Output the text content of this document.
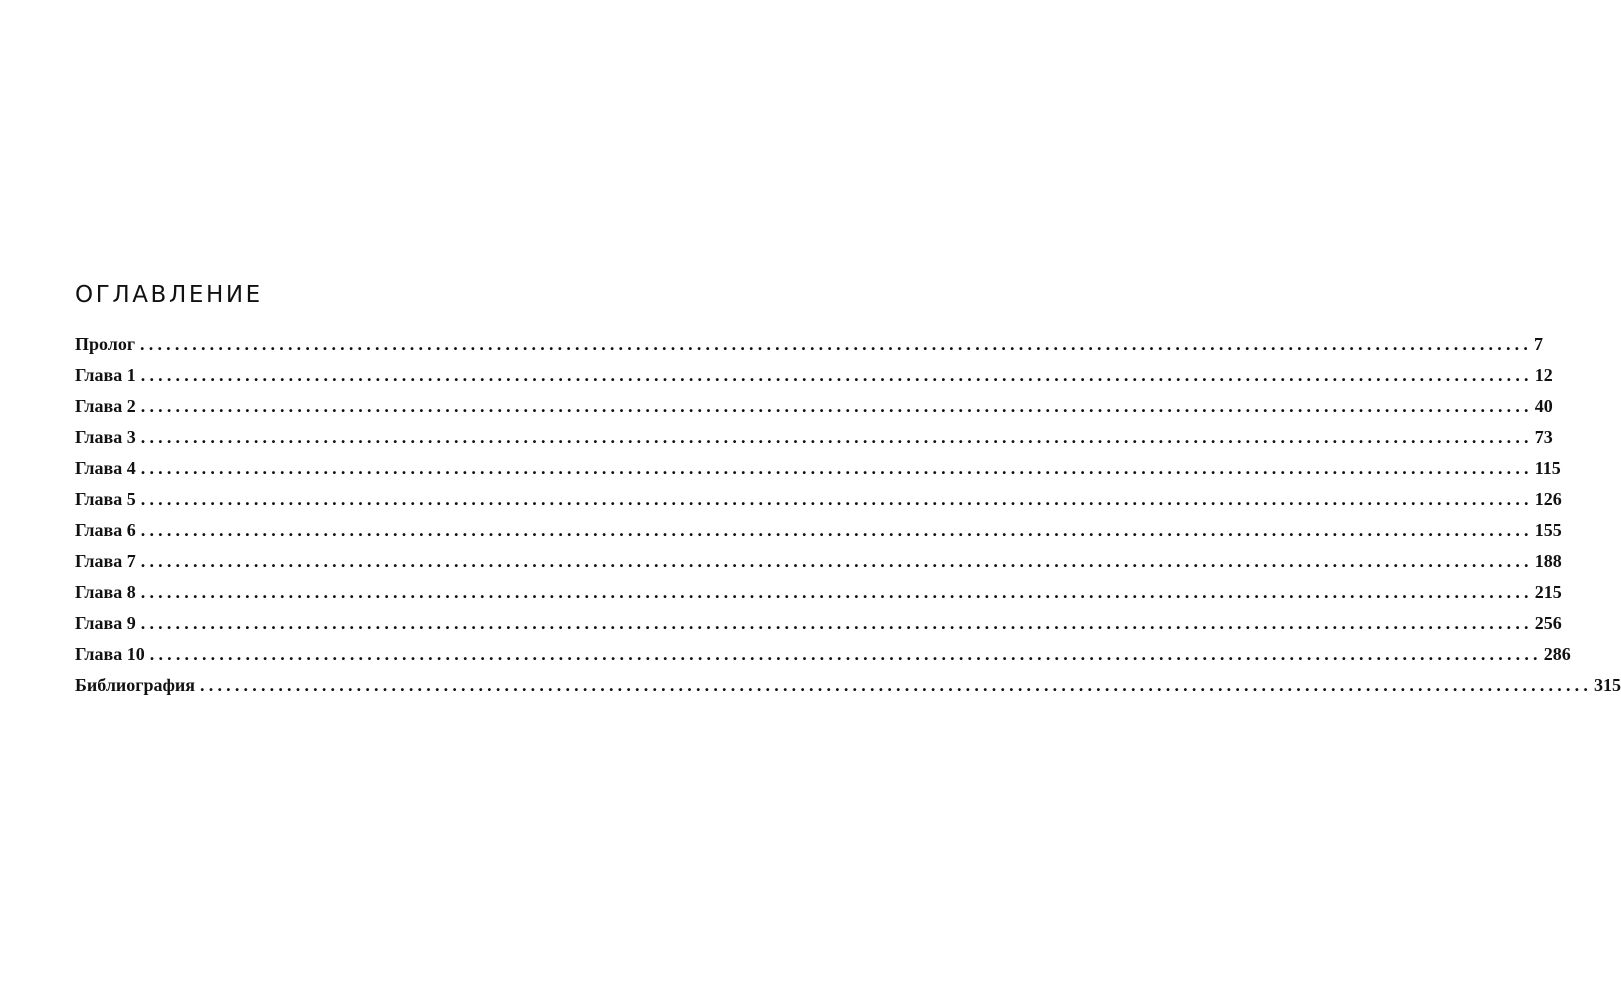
ОГЛАВЛЕНИЕ
Пролог ................................................................................................................................................................ 7
Глава 1 ................................................................................................................................................................ 12
Глава 2 ................................................................................................................................................................ 40
Глава 3 ................................................................................................................................................................ 73
Глава 4 ................................................................................................................................................................ 115
Глава 5 ................................................................................................................................................................ 126
Глава 6 ................................................................................................................................................................ 155
Глава 7 ................................................................................................................................................................ 188
Глава 8 ................................................................................................................................................................ 215
Глава 9 ................................................................................................................................................................ 256
Глава 10 ................................................................................................................................................................ 286
Библиография ................................................................................................................................................................ 315
